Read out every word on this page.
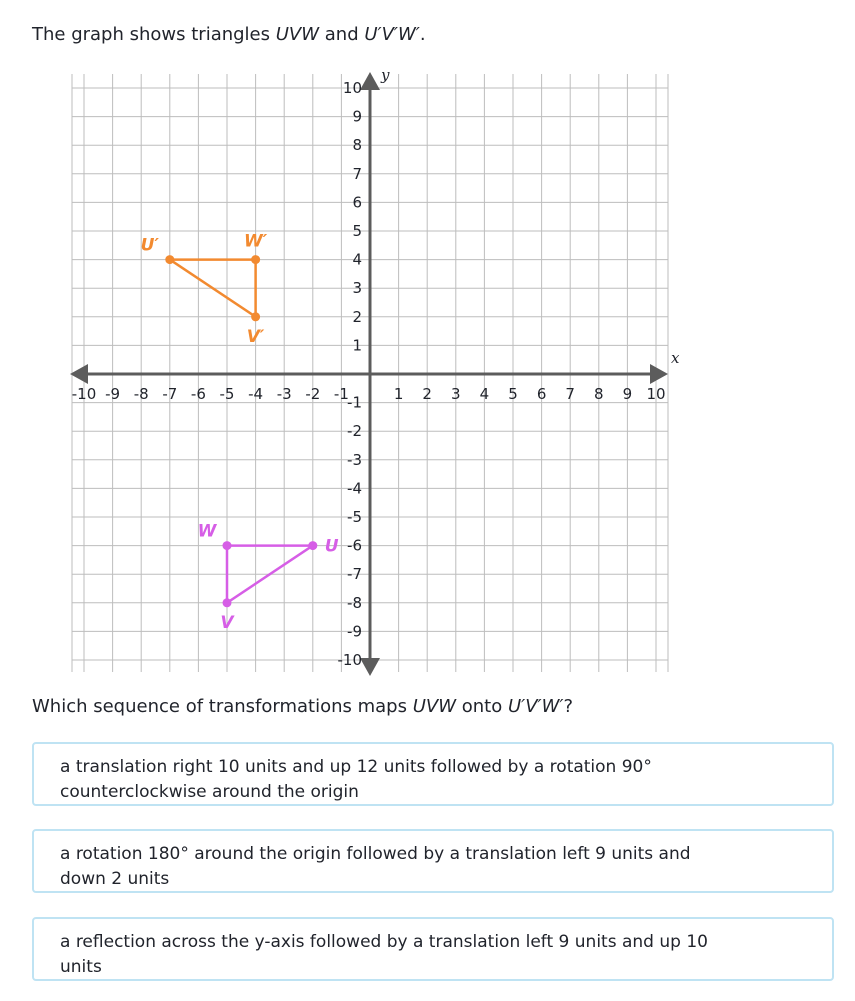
The graph shows triangles UVW and U′V′W′.
x
y
-10 -9 -8 -7 -6 -5 -4 -3 -2 -1	1 2 3 4 5 6 7 8 9 10
10
9
8
7
6
5
4
3
2
1
-1
-2
-3
-4
-5
-6
-7
-8
-9
-10
U
V
W
U′
V′
W′
Which sequence of transformations maps UVW onto U′V′W′?
a translation right 10 units and up 12 units followed by a rotation 90°
counterclockwise around the origin
a rotation 180° around the origin followed by a translation left 9 units and
down 2 units
a reflection across the y-axis followed by a translation left 9 units and up 10
units
